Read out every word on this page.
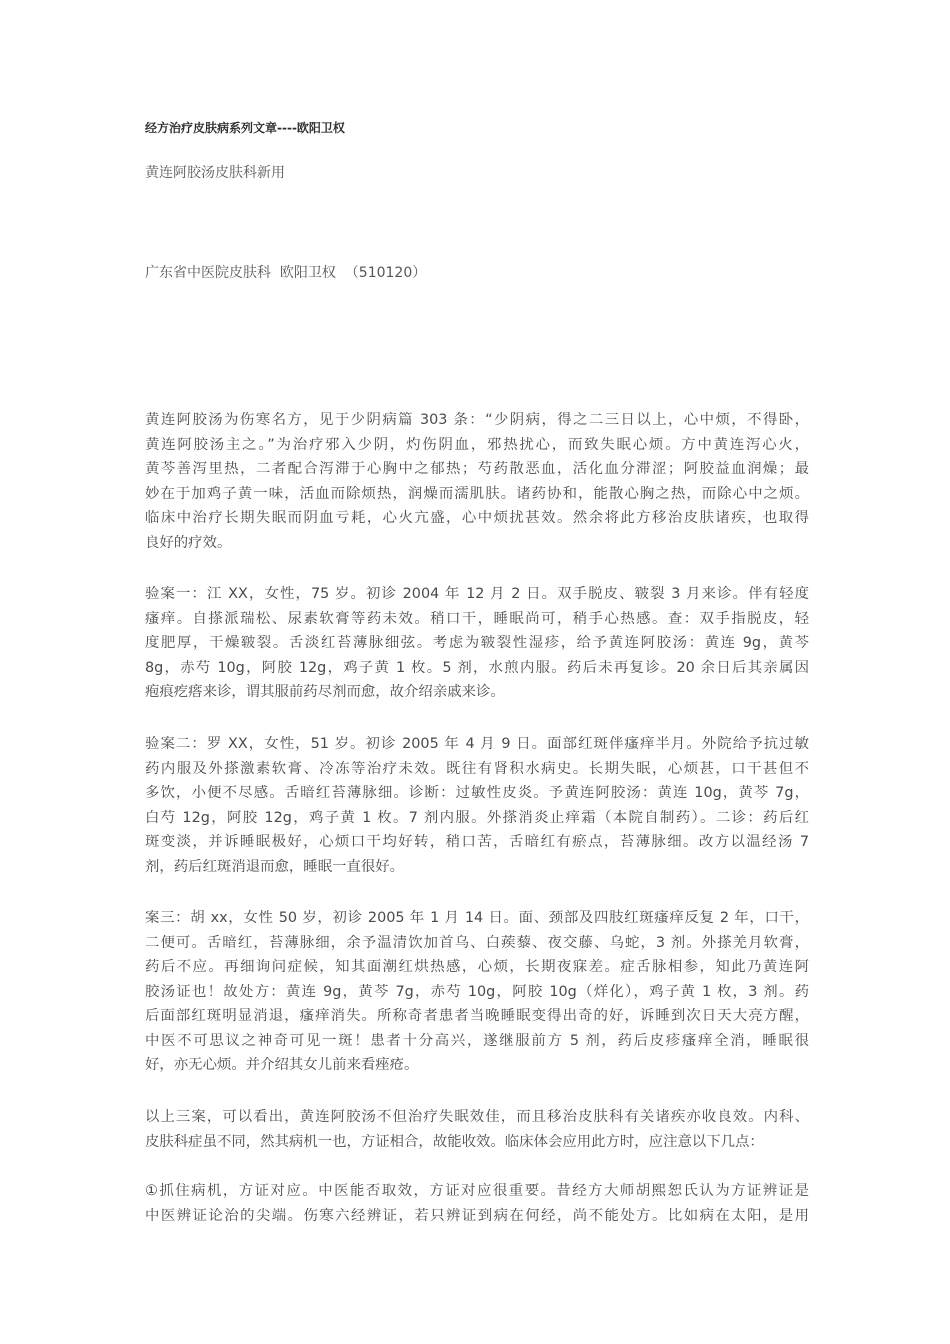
经方治疗皮肤病系列文章----欧阳卫权
黄连阿胶汤皮肤科新用
广东省中医院皮肤科  欧阳卫权  （510120）
黄连阿胶汤为伤寒名方，见于少阴病篇 303 条：“少阴病，得之二三日以上，心中烦，不得卧，
黄连阿胶汤主之。”为治疗邪入少阴，灼伤阴血，邪热扰心，而致失眠心烦。方中黄连泻心火，
黄芩善泻里热，二者配合泻滞于心胸中之郁热；芍药散恶血，活化血分滞涩；阿胶益血润燥；最
妙在于加鸡子黄一味，活血而除烦热，润燥而濡肌肤。诸药协和，能散心胸之热，而除心中之烦。
临床中治疗长期失眠而阴血亏耗，心火亢盛，心中烦扰甚效。然余将此方移治皮肤诸疾，也取得
良好的疗效。
验案一：江 XX，女性，75 岁。初诊 2004 年 12 月 2 日。双手脱皮、皲裂 3 月来诊。伴有轻度
瘙痒。自搽派瑞松、尿素软膏等药未效。稍口干，睡眠尚可，稍手心热感。查：双手指脱皮，轻
度肥厚，干燥皲裂。舌淡红苔薄脉细弦。考虑为皲裂性湿疹，给予黄连阿胶汤：黄连 9g，黄芩
8g，赤芍 10g，阿胶 12g，鸡子黄 1 枚。5 剂，水煎内服。药后未再复诊。20 余日后其亲属因
疱痕疙瘩来诊，谓其服前药尽剂而愈，故介绍亲戚来诊。
验案二：罗 XX，女性，51 岁。初诊 2005 年 4 月 9 日。面部红斑伴瘙痒半月。外院给予抗过敏
药内服及外搽激素软膏、冷冻等治疗未效。既往有肾积水病史。长期失眠，心烦甚，口干甚但不
多饮，小便不尽感。舌暗红苔薄脉细。诊断：过敏性皮炎。予黄连阿胶汤：黄连 10g，黄芩 7g，
白芍 12g，阿胶 12g，鸡子黄 1 枚。7 剂内服。外搽消炎止痒霜（本院自制药）。二诊：药后红
斑变淡，并诉睡眠极好，心烦口干均好转，稍口苦，舌暗红有瘀点，苔薄脉细。改方以温经汤 7
剂，药后红斑消退而愈，睡眠一直很好。
案三：胡 xx，女性 50 岁，初诊 2005 年 1 月 14 日。面、颈部及四肢红斑瘙痒反复 2 年，口干，
二便可。舌暗红，苔薄脉细，余予温清饮加首乌、白蒺藜、夜交藤、乌蛇，3 剂。外搽羌月软膏，
药后不应。再细询问症候，知其面潮红烘热感，心烦，长期夜寐差。症舌脉相参，知此乃黄连阿
胶汤证也！故处方：黄连 9g，黄芩 7g，赤芍 10g，阿胶 10g（烊化），鸡子黄 1 枚，3 剂。药
后面部红斑明显消退，瘙痒消失。所称奇者患者当晚睡眠变得出奇的好，诉睡到次日天大亮方醒，
中医不可思议之神奇可见一斑！患者十分高兴，遂继服前方 5 剂，药后皮疹瘙痒全消，睡眠很
好，亦无心烦。并介绍其女儿前来看痤疮。
以上三案，可以看出，黄连阿胶汤不但治疗失眠效佳，而且移治皮肤科有关诸疾亦收良效。内科、
皮肤科症虽不同，然其病机一也，方证相合，故能收效。临床体会应用此方时，应注意以下几点：
①抓住病机，方证对应。中医能否取效，方证对应很重要。昔经方大师胡熙恕氏认为方证辨证是
中医辨证论治的尖端。伤寒六经辨证，若只辨证到病在何经，尚不能处方。比如病在太阳，是用
